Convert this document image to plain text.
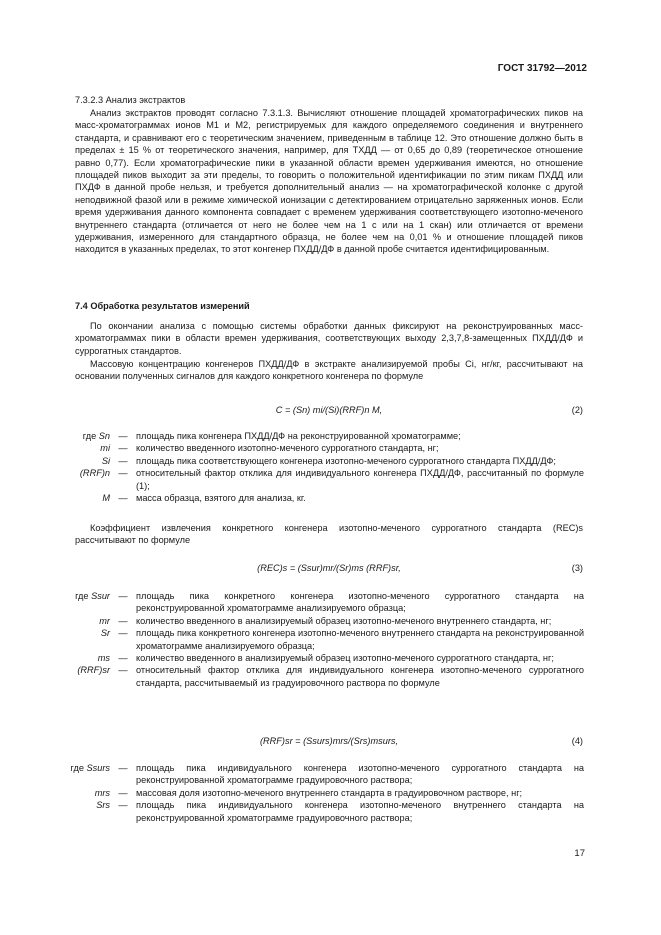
ГОСТ 31792—2012

7.3.2.3 Анализ экстрактов

Анализ экстрактов проводят согласно 7.3.1.3. Вычисляют отношение площадей хроматографических пиков на масс-хроматограммах ионов M1 и M2, регистрируемых для каждого определяемого соединения и внутреннего стандарта, и сравнивают его с теоретическим значением, приведенным в таблице 12. Это отношение должно быть в пределах ± 15 % от теоретического значения, например, для ТХДД — от 0,65 до 0,89 (теоретическое отношение равно 0,77). Если хроматографические пики в указанной области времен удерживания имеются, но отношение площадей пиков выходит за эти пределы, то говорить о положительной идентификации по этим пикам ПХДД или ПХДФ в данной пробе нельзя, и требуется дополнительный анализ — на хроматографической колонке с другой неподвижной фазой или в режиме химической ионизации с детектированием отрицательно заряженных ионов. Если время удерживания данного компонента совпадает с временем удерживания соответствующего изотопно-меченого внутреннего стандарта (отличается от него не более чем на 1 с или на 1 скан) или отличается от времени удерживания, измеренного для стандартного образца, не более чем на 0,01 % и отношение площадей пиков находится в указанных пределах, то этот конгенер ПХДД/ДФ в данной пробе считается идентифицированным.

7.4 Обработка результатов измерений

По окончании анализа с помощью системы обработки данных фиксируют на реконструированных масс-хроматограммах пики в области времен удерживания, соответствующих выходу 2,3,7,8-замещенных ПХДД/ДФ и суррогатных стандартов.

Массовую концентрацию конгенеров ПХДД/ДФ в экстракте анализируемой пробы Ci, нг/кг, рассчитывают на основании полученных сигналов для каждого конкретного конгенера по формуле

C = (Sn) mi/(Si)(RRF)n M,	(2)
где Sn — площадь пика конгенера ПХДД/ДФ на реконструированной хроматограмме;
mi — количество введенного изотопно-меченого суррогатного стандарта, нг;
Si — площадь пика соответствующего конгенера изотопно-меченого суррогатного стандарта ПХДД/ДФ;
(RRF)n — относительный фактор отклика для индивидуального конгенера ПХДД/ДФ, рассчитанный по формуле (1);
M — масса образца, взятого для анализа, кг.

Коэффициент извлечения конкретного конгенера изотопно-меченого суррогатного стандарта (REC)s рассчитывают по формуле

(REC)s = (Ssur)mr/(Sr)ms (RRF)sr,	(3)
где Ssur — площадь пика конкретного конгенера изотопно-меченого суррогатного стандарта на реконструированной хроматограмме анализируемого образца;
mr — количество введенного в анализируемый образец изотопно-меченого внутреннего стандарта, нг;
Sr — площадь пика конкретного конгенера изотопно-меченого внутреннего стандарта на реконструированной хроматограмме анализируемого образца;
ms — количество введенного в анализируемый образец изотопно-меченого суррогатного стандарта, нг;
(RRF)sr — относительный фактор отклика для индивидуального конгенера изотопно-меченого суррогатного стандарта, рассчитываемый из градуировочного раствора по формуле
(RRF)sr = (Ssurs)mrs/(Srs)msurs,	(4)
где Ssurs — площадь пика индивидуального конгенера изотопно-меченого суррогатного стандарта на реконструированной хроматограмме градуировочного раствора;
mrs — массовая доля изотопно-меченого внутреннего стандарта в градуировочном растворе, нг;
Srs — площадь пика индивидуального конгенера изотопно-меченого внутреннего стандарта на реконструированной хроматограмме градуировочного раствора;
17
